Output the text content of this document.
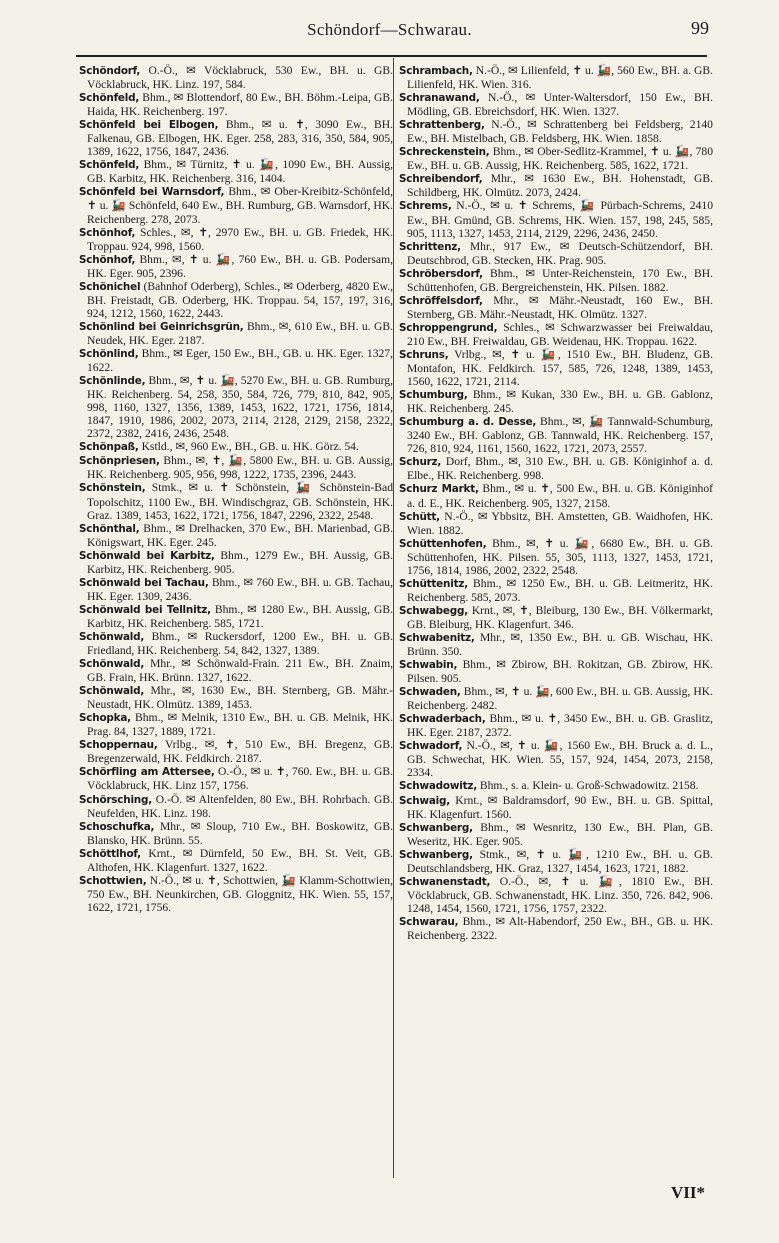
Schöndorf—Schwarau.	99
Schöndorf, O.-Ö., ✉ Vöcklabruck, 530 Ew., BH. u. GB. Vöcklabruck, HK. Linz. 197, 584.
Schönfeld, Bhm., ✉ Blottendorf, 80 Ew., BH. Böhm.-Leipa, GB. Haida, HK. Reichenberg. 197.
Schönfeld bei Elbogen, Bhm., ✉ u. ✝, 3090 Ew., BH. Falkenau, GB. Elbogen, HK. Eger. 258, 283, 316, 350, 584, 905, 1389, 1622, 1756, 1847, 2436.
Schönfeld, Bhm., ✉ Türnitz, ✝ u. 🚂, 1090 Ew., BH. Aussig, GB. Karbitz, HK. Reichenberg. 316, 1404.
Schönfeld bei Warnsdorf, Bhm., ✉ Ober-Kreibitz-Schönfeld, ✝ u. 🚂 Schönfeld, 640 Ew., BH. Rumburg, GB. Warnsdorf, HK. Reichenberg. 278, 2073.
Schönhof, Schles., ✉, ✝, 2970 Ew., BH. u. GB. Friedek, HK. Troppau. 924, 998, 1560.
Schönhof, Bhm., ✉, ✝ u. 🚂, 760 Ew., BH. u. GB. Podersam, HK. Eger. 905, 2396.
Schönichel (Bahnhof Oderberg), Schles., ✉ Oderberg, 4820 Ew., BH. Freistadt, GB. Oderberg, HK. Troppau. 54, 157, 197, 316, 924, 1212, 1560, 1622, 2443.
Schönlind bei Geinrichsgrün, Bhm., ✉, 610 Ew., BH. u. GB. Neudek, HK. Eger. 2187.
Schönlind, Bhm., ✉ Eger, 150 Ew., BH., GB. u. HK. Eger. 1327, 1622.
Schönlinde, Bhm., ✉, ✝ u. 🚂, 5270 Ew., BH. u. GB. Rumburg, HK. Reichenberg. 54, 258, 350, 584, 726, 779, 810, 842, 905, 998, 1160, 1327, 1356, 1389, 1453, 1622, 1721, 1756, 1814, 1847, 1910, 1986, 2002, 2073, 2114, 2128, 2129, 2158, 2322, 2372, 2382, 2416, 2436, 2548.
Schönpaß, Kstld., ✉, 960 Ew., BH., GB. u. HK. Görz. 54.
Schönpriesen, Bhm., ✉, ✝, 🚂, 5800 Ew., BH. u. GB. Aussig, HK. Reichenberg. 905, 956, 998, 1222, 1735, 2396, 2443.
Schönstein, Stmk., ✉ u. ✝ Schönstein, 🚂 Schönstein-Bad Topolschitz, 1100 Ew., BH. Windischgraz, GB. Schönstein, HK. Graz. 1389, 1453, 1622, 1721, 1756, 1847, 2296, 2322, 2548.
Schönthal, Bhm., ✉ Drelhacken, 370 Ew., BH. Marienbad, GB. Königswart, HK. Eger. 245.
Schönwald bei Karbitz, Bhm., 1279 Ew., BH. Aussig, GB. Karbitz, HK. Reichenberg. 905.
Schönwald bei Tachau, Bhm., ✉ 760 Ew., BH. u. GB. Tachau, HK. Eger. 1309, 2436.
Schönwald bei Tellnitz, Bhm., ✉ 1280 Ew., BH. Aussig, GB. Karbitz, HK. Reichenberg. 585, 1721.
Schönwald, Bhm., ✉ Ruckersdorf, 1200 Ew., BH. u. GB. Friedland, HK. Reichenberg. 54, 842, 1327, 1389.
Schönwald, Mhr., ✉ Schönwald-Frain. 211 Ew., BH. Znaim, GB. Frain, HK. Brünn. 1327, 1622.
Schönwald, Mhr., ✉, 1630 Ew., BH. Sternberg, GB. Mähr.-Neustadt, HK. Olmütz. 1389, 1453.
Schopka, Bhm., ✉ Melnik, 1310 Ew., BH. u. GB. Melnik, HK. Prag. 84, 1327, 1889, 1721.
Schoppernau, Vrlbg., ✉, ✝, 510 Ew., BH. Bregenz, GB. Bregenzerwald, HK. Feldkirch. 2187.
Schörfling am Attersee, O.-Ö., ✉ u. ✝, 760. Ew., BH. u. GB. Vöcklabruck, HK. Linz 157, 1756.
Schörsching, O.-Ö. ✉ Altenfelden, 80 Ew., BH. Rohrbach. GB. Neufelden, HK. Linz. 198.
Schoschufka, Mhr., ✉ Sloup, 710 Ew., BH. Boskowitz, GB. Blansko, HK. Brünn. 55.
Schöttlhof, Krnt., ✉ Dürnfeld, 50 Ew., BH. St. Veit, GB. Althofen, HK. Klagenfurt. 1327, 1622.
Schottwien, N.-Ö., ✉ u. ✝, Schottwien, 🚂 Klamm-Schottwien, 750 Ew., BH. Neunkirchen, GB. Gloggnitz, HK. Wien. 55, 157, 1622, 1721, 1756.
Schrambach, N.-Ö., ✉ Lilienfeld, ✝ u. 🚂, 560 Ew., BH. a. GB. Lilienfeld, HK. Wien. 316.
Schranawand, N.-Ö., ✉ Unter-Waltersdorf, 150 Ew., BH. Mödling, GB. Ebreichsdorf, HK. Wien. 1327.
Schrattenberg, N.-Ö., ✉ Schrattenberg bei Feldsberg, 2140 Ew., BH. Mistelbach, GB. Feldsberg, HK. Wien. 1858.
Schreckenstein, Bhm., ✉ Ober-Sedlitz-Krammel, ✝ u. 🚂, 780 Ew., BH. u. GB. Aussig, HK. Reichenberg. 585, 1622, 1721.
Schreibendorf, Mhr., ✉ 1630 Ew., BH. Hohenstadt, GB. Schildberg, HK. Olmütz. 2073, 2424.
Schrems, N.-Ö., ✉ u. ✝ Schrems, 🚂 Pürbach-Schrems, 2410 Ew., BH. Gmünd, GB. Schrems, HK. Wien. 157, 198, 245, 585, 905, 1113, 1327, 1453, 2114, 2129, 2296, 2436, 2450.
Schrittenz, Mhr., 917 Ew., ✉ Deutsch-Schützendorf, BH. Deutschbrod, GB. Stecken, HK. Prag. 905.
Schröbersdorf, Bhm., ✉ Unter-Reichenstein, 170 Ew., BH. Schüttenhofen, GB. Bergreichenstein, HK. Pilsen. 1882.
Schröffelsdorf, Mhr., ✉ Mähr.-Neustadt, 160 Ew., BH. Sternberg, GB. Mähr.-Neustadt, HK. Olmütz. 1327.
Schroppengrund, Schles., ✉ Schwarzwasser bei Freiwaldau, 210 Ew., BH. Freiwaldau, GB. Weidenau, HK. Troppau. 1622.
Schruns, Vrlbg., ✉, ✝ u. 🚂, 1510 Ew., BH. Bludenz, GB. Montafon, HK. Feldkirch. 157, 585, 726, 1248, 1389, 1453, 1560, 1622, 1721, 2114.
Schumburg, Bhm., ✉ Kukan, 330 Ew., BH. u. GB. Gablonz, HK. Reichenberg. 245.
Schumburg a. d. Desse, Bhm., ✉, 🚂 Tannwald-Schumburg, 3240 Ew., BH. Gablonz, GB. Tannwald, HK. Reichenberg. 157, 726, 810, 924, 1161, 1560, 1622, 1721, 2073, 2557.
Schurz, Dorf, Bhm., ✉, 310 Ew., BH. u. GB. Königinhof a. d. Elbe., HK. Reichenberg. 998.
Schurz Markt, Bhm., ✉ u. ✝, 500 Ew., BH. u. GB. Königinhof a. d. E., HK. Reichenberg. 905, 1327, 2158.
Schütt, N.-Ö., ✉ Ybbsitz, BH. Amstetten, GB. Waidhofen, HK. Wien. 1882.
Schüttenhofen, Bhm., ✉, ✝ u. 🚂, 6680 Ew., BH. u. GB. Schüttenhofen, HK. Pilsen. 55, 305, 1113, 1327, 1453, 1721, 1756, 1814, 1986, 2002, 2322, 2548.
Schüttenitz, Bhm., ✉ 1250 Ew., BH. u. GB. Leitmeritz, HK. Reichenberg. 585, 2073.
Schwabegg, Krnt., ✉, ✝, Bleiburg, 130 Ew., BH. Völkermarkt, GB. Bleiburg, HK. Klagenfurt. 346.
Schwabenitz, Mhr., ✉, 1350 Ew., BH. u. GB. Wischau, HK. Brünn. 350.
Schwabin, Bhm., ✉ Zbirow, BH. Rokitzan, GB. Zbirow, HK. Pilsen. 905.
Schwaden, Bhm., ✉, ✝ u. 🚂, 600 Ew., BH. u. GB. Aussig, HK. Reichenberg. 2482.
Schwaderbach, Bhm., ✉ u. ✝, 3450 Ew., BH. u. GB. Graslitz, HK. Eger. 2187, 2372.
Schwadorf, N.-Ö., ✉, ✝ u. 🚂, 1560 Ew., BH. Bruck a. d. L., GB. Schwechat, HK. Wien. 55, 157, 924, 1454, 2073, 2158, 2334.
Schwadowitz, Bhm., s. a. Klein- u. Groß-Schwadowitz. 2158.
Schwaig, Krnt., ✉ Baldramsdorf, 90 Ew., BH. u. GB. Spittal, HK. Klagenfurt. 1560.
Schwanberg, Bhm., ✉ Wesnritz, 130 Ew., BH. Plan, GB. Weseritz, HK. Eger. 905.
Schwanberg, Stmk., ✉, ✝ u. 🚂, 1210 Ew., BH. u. GB. Deutschlandsberg, HK. Graz, 1327, 1454, 1623, 1721, 1882.
Schwanenstadt, O.-Ö., ✉, ✝ u. 🚂, 1810 Ew., BH. Vöcklabruck, GB. Schwanenstadt, HK. Linz. 350, 726. 842, 906. 1248, 1454, 1560, 1721, 1756, 1757, 2322.
Schwarau, Bhm., ✉ Alt-Habendorf, 250 Ew., BH., GB. u. HK. Reichenberg. 2322.
VII*
